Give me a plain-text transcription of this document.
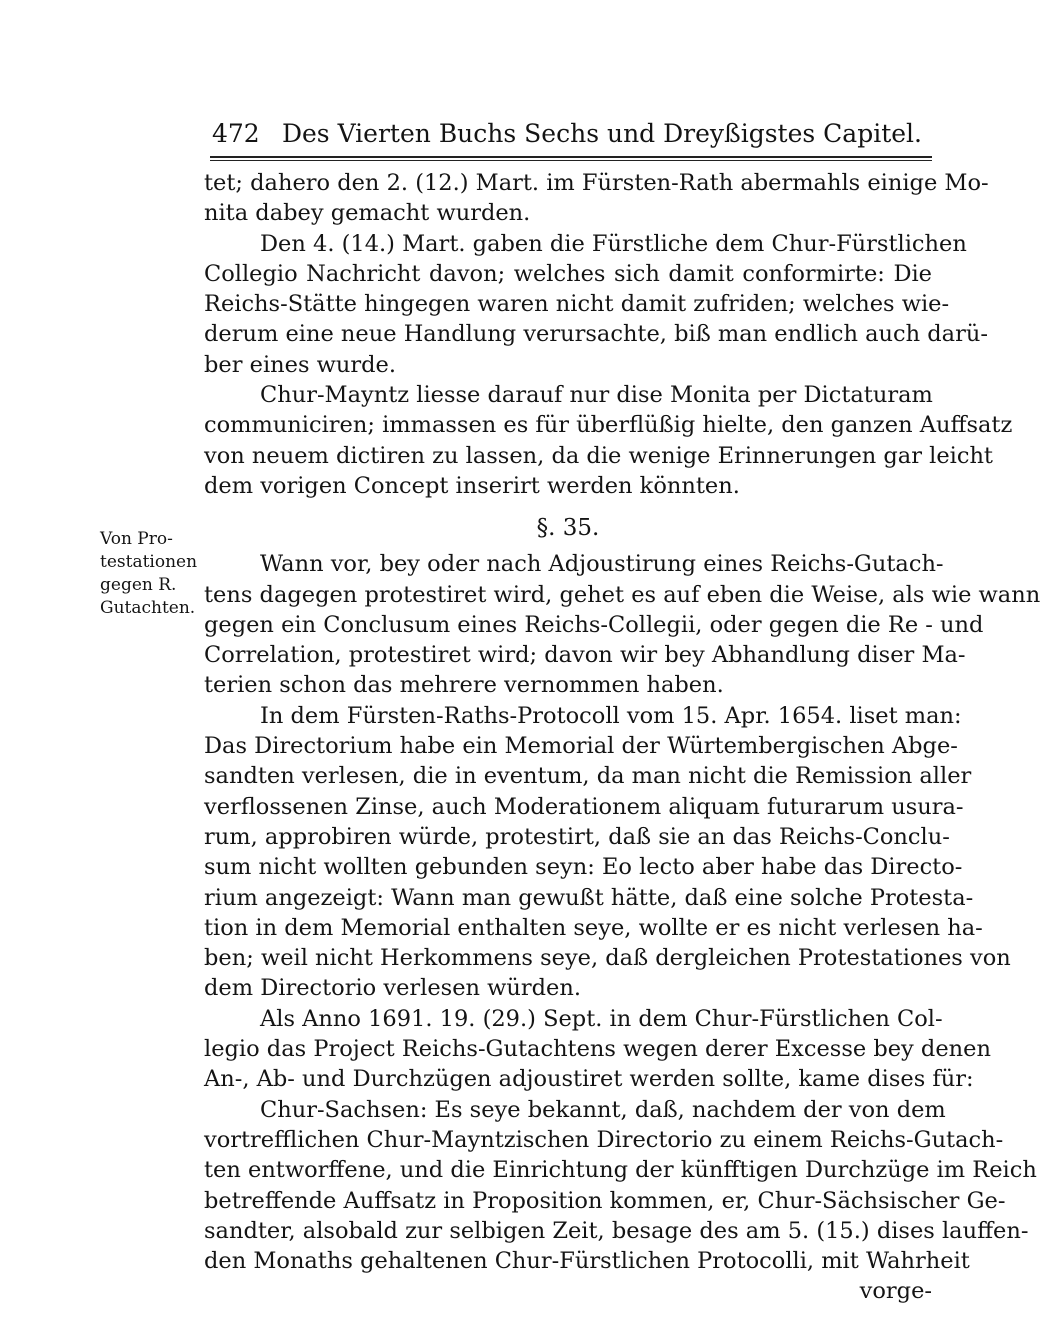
472 Des Vierten Buchs Sechs und Dreyßigstes Capitel.
Von Pro-
testationen
gegen R.
Gutachten.

tet; dahero den 2. (12.) Mart. im Fürsten-Rath abermahls einige Mo-
nita dabey gemacht wurden.

Den 4. (14.) Mart. gaben die Fürstliche dem Chur-Fürstlichen
Collegio Nachricht davon; welches sich damit conformirte: Die
Reichs-Stätte hingegen waren nicht damit zufriden; welches wie-
derum eine neue Handlung verursachte, biß man endlich auch darü-
ber eines wurde.

Chur-Mayntz liesse darauf nur dise Monita per Dictaturam
communiciren; immassen es für überflüßig hielte, den ganzen Auffsatz
von neuem dictiren zu lassen, da die wenige Erinnerungen gar leicht
dem vorigen Concept inserirt werden könnten.

§. 35.

Wann vor, bey oder nach Adjoustirung eines Reichs-Gutach-
tens dagegen protestiret wird, gehet es auf eben die Weise, als wie wann
gegen ein Conclusum eines Reichs-Collegii, oder gegen die Re - und
Correlation, protestiret wird; davon wir bey Abhandlung diser Ma-
terien schon das mehrere vernommen haben.

In dem Fürsten-Raths-Protocoll vom 15. Apr. 1654. liset man:
Das Directorium habe ein Memorial der Würtembergischen Abge-
sandten verlesen, die in eventum, da man nicht die Remission aller
verflossenen Zinse, auch Moderationem aliquam futurarum usura-
rum, approbiren würde, protestirt, daß sie an das Reichs-Conclu-
sum nicht wollten gebunden seyn: Eo lecto aber habe das Directo-
rium angezeigt: Wann man gewußt hätte, daß eine solche Protesta-
tion in dem Memorial enthalten seye, wollte er es nicht verlesen ha-
ben; weil nicht Herkommens seye, daß dergleichen Protestationes von
dem Directorio verlesen würden.

Als Anno 1691. 19. (29.) Sept. in dem Chur-Fürstlichen Col-
legio das Project Reichs-Gutachtens wegen derer Excesse bey denen
An-, Ab- und Durchzügen adjoustiret werden sollte, kame dises für:

Chur-Sachsen: Es seye bekannt, daß, nachdem der von dem
vortrefflichen Chur-Mayntzischen Directorio zu einem Reichs-Gutach-
ten entworffene, und die Einrichtung der künfftigen Durchzüge im Reich
betreffende Auffsatz in Proposition kommen, er, Chur-Sächsischer Ge-
sandter, alsobald zur selbigen Zeit, besage des am 5. (15.) dises lauffen-
den Monaths gehaltenen Chur-Fürstlichen Protocolli, mit Wahrheit

vorge-
